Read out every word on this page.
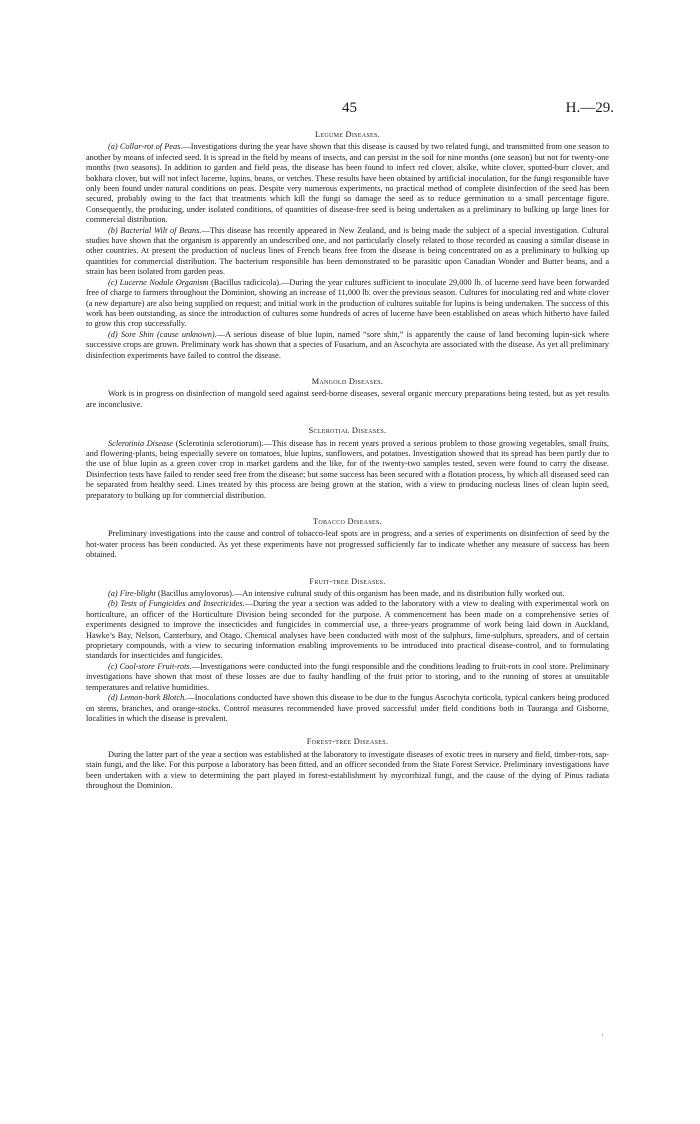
45	H.—29.
Legume Diseases.

(a) Collar-rot of Peas.—Investigations during the year have shown that this disease is caused by two related fungi, and transmitted from one season to another by means of infected seed. It is spread in the field by means of insects, and can persist in the soil for nine months (one season) but not for twenty-one months (two seasons). In addition to garden and field peas, the disease has been found to infect red clover, alsike, white clover, spotted-burr clover, and bokhara clover, but will not infect lucerne, lupins, beans, or vetches. These results have been obtained by artificial inoculation, for the fungi responsible have only been found under natural conditions on peas. Despite very numerous experiments, no practical method of complete disinfection of the seed has been secured, probably owing to the fact that treatments which kill the fungi so damage the seed as to reduce germination to a small percentage figure. Consequently, the producing, under isolated conditions, of quantities of disease-free seed is being undertaken as a preliminary to bulking up large lines for commercial distribution.

(b) Bacterial Wilt of Beans.—This disease has recently appeared in New Zealand, and is being made the subject of a special investigation. Cultural studies have shown that the organism is apparently an undescribed one, and not particularly closely related to those recorded as causing a similar disease in other countries. At present the production of nucleus lines of French beans free from the disease is being concentrated on as a preliminary to bulking up quantities for commercial distribution. The bacterium responsible has been demonstrated to be parasitic upon Canadian Wonder and Butter beans, and a strain has been isolated from garden peas.

(c) Lucerne Nodule Organism (Bacillus radicicola).—During the year cultures sufficient to inoculate 29,000 lb. of lucerne seed have been forwarded free of charge to farmers throughout the Dominion, showing an increase of 11,000 lb. over the previous season. Cultures for inoculating red and white clover (a new departure) are also being supplied on request; and initial work in the production of cultures suitable for lupins is being undertaken. The success of this work has been outstanding, as since the introduction of cultures some hundreds of acres of lucerne have been established on areas which hitherto have failed to grow this crop successfully.

(d) Sore Shin (cause unknown).—A serious disease of blue lupin, named “sore shin,” is apparently the cause of land becoming lupin-sick where successive crops are grown. Preliminary work has shown that a species of Fusarium, and an Ascochyta are associated with the disease. As yet all preliminary disinfection experiments have failed to control the disease.

Mangold Diseases.

Work is in progress on disinfection of mangold seed against seed-borne diseases, several organic mercury preparations being tested, but as yet results are inconclusive.

Sclerotial Diseases.

Sclerotinia Disease (Sclerotinia sclerotiorum).—This disease has in recent years proved a serious problem to those growing vegetables, small fruits, and flowering-plants, being especially severe on tomatoes, blue lupins, sunflowers, and potatoes. Investigation showed that its spread has been partly due to the use of blue lupin as a green cover crop in market gardens and the like, for of the twenty-two samples tested, seven were found to carry the disease. Disinfection tests have failed to render seed free from the disease; but some success has been secured with a flotation process, by which all diseased seed can be separated from healthy seed. Lines treated by this process are being grown at the station, with a view to producing nucleus lines of clean lupin seed, preparatory to bulking up for commercial distribution.

Tobacco Diseases.

Preliminary investigations into the cause and control of tobacco-leaf spots are in progress, and a series of experiments on disinfection of seed by the hot-water process has been conducted. As yet these experiments have not progressed sufficiently far to indicate whether any measure of success has been obtained.

Fruit-tree Diseases.

(a) Fire-blight (Bacillus amylovorus).—An intensive cultural study of this organism has been made, and its distribution fully worked out.

(b) Tests of Fungicides and Insecticides.—During the year a section was added to the laboratory with a view to dealing with experimental work on horticulture, an officer of the Horticulture Division being seconded for the purpose. A commencement has been made on a comprehensive series of experiments designed to improve the insecticides and fungicides in commercial use, a three-years programme of work being laid down in Auckland, Hawke’s Bay, Nelson, Canterbury, and Otago. Chemical analyses have been conducted with most of the sulphurs, lime-sulphurs, spreaders, and of certain proprietary compounds, with a view to securing information enabling improvements to be introduced into practical disease-control, and to formulating standards for insecticides and fungicides.

(c) Cool-store Fruit-rots.—Investigations were conducted into the fungi responsible and the conditions leading to fruit-rots in cool store. Preliminary investigations have shown that most of these losses are due to faulty handling of the fruit prior to storing, and to the running of stores at unsuitable temperatures and relative humidities.

(d) Lemon-bark Blotch.—Inoculations conducted have shown this disease to be due to the fungus Ascochyta corticola, typical cankers being produced on stems, branches, and orange-stocks. Control measures recommended have proved successful under field conditions both in Tauranga and Gisborne, localities in which the disease is prevalent.

Forest-tree Diseases.

During the latter part of the year a section was established at the laboratory to investigate diseases of exotic trees in nursery and field, timber-rots, sap-stain fungi, and the like. For this purpose a laboratory has been fitted, and an officer seconded from the State Forest Service. Preliminary investigations have been undertaken with a view to determining the part played in forest-establishment by mycorrhizal fungi, and the cause of the dying of Pinus radiata throughout the Dominion.

·
